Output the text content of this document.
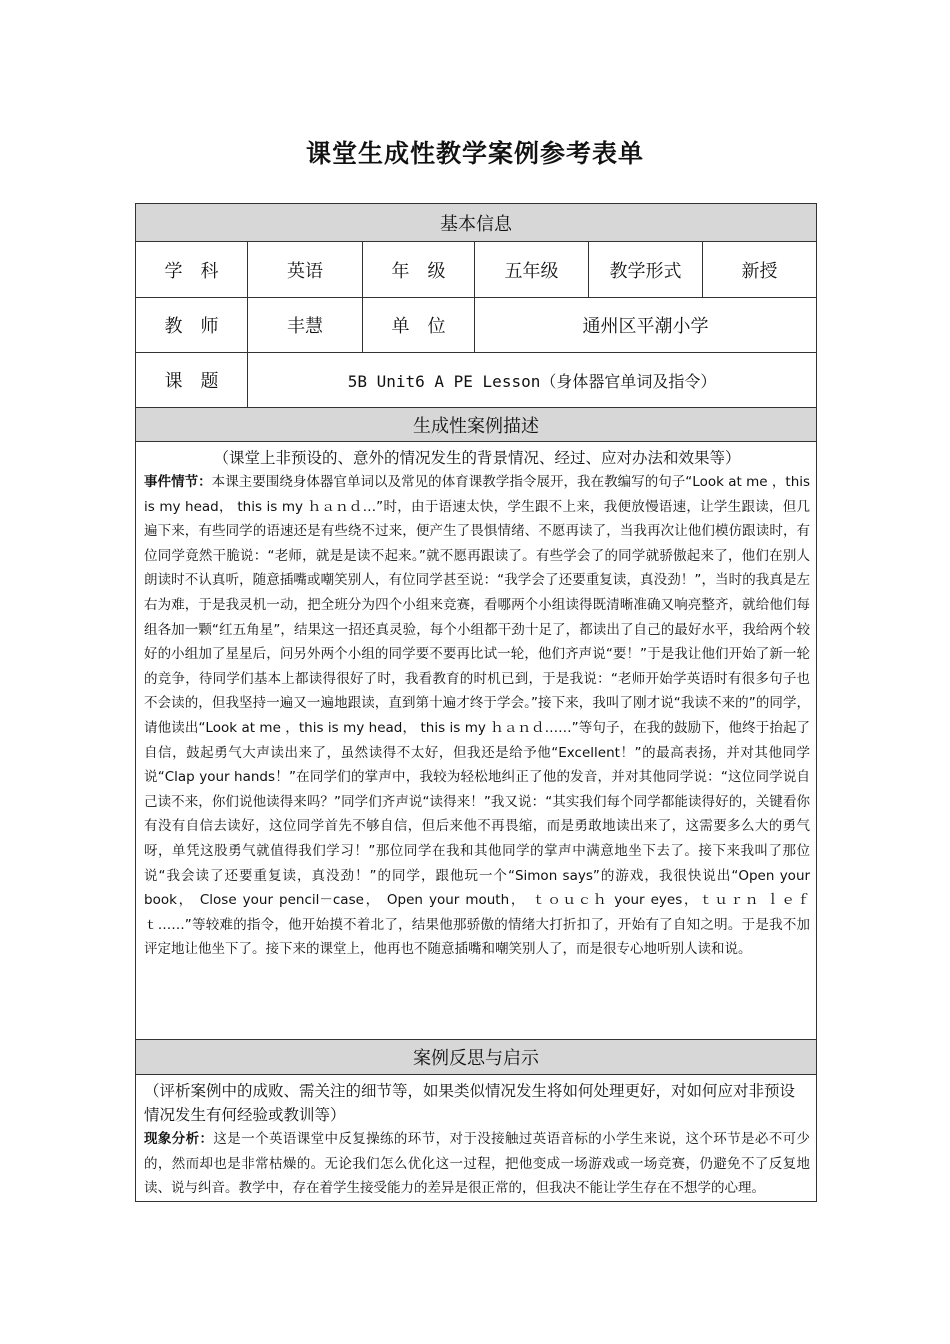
课堂生成性教学案例参考表单
基本信息					
学　科	英语	年　级	五年级	教学形式	新授
教　师	丰慧	单　位	通州区平潮小学		
课　题	5B Unit6 A PE Lesson（身体器官单词及指令）				
生成性案例描述					

（课堂上非预设的、意外的情况发生的背景情况、经过、应对办法和效果等）

事件情节：本课主要围绕身体器官单词以及常见的体育课教学指令展开，我在教编写的句子“Look at me ，this is my head， this is my ｈａｎｄ…”时，由于语速太快，学生跟不上来，我便放慢语速，让学生跟读，但几遍下来，有些同学的语速还是有些绕不过来，便产生了畏惧情绪、不愿再读了，当我再次让他们模仿跟读时，有位同学竟然干脆说：“老师，就是是读不起来。”就不愿再跟读了。有些学会了的同学就骄傲起来了，他们在别人朗读时不认真听，随意插嘴或嘲笑别人，有位同学甚至说：“我学会了还要重复读，真没劲！”，当时的我真是左右为难，于是我灵机一动，把全班分为四个小组来竞赛，看哪两个小组读得既清晰准确又响亮整齐，就给他们每组各加一颗“红五角星”，结果这一招还真灵验，每个小组都干劲十足了，都读出了自己的最好水平，我给两个较好的小组加了星星后，问另外两个小组的同学要不要再比试一轮，他们齐声说“要！”于是我让他们开始了新一轮的竞争，待同学们基本上都读得很好了时，我看教育的时机已到，于是我说：“老师开始学英语时有很多句子也不会读的，但我坚持一遍又一遍地跟读，直到第十遍才终于学会。”接下来，我叫了刚才说“我读不来的”的同学，请他读出“Look at me ，this is my head， this is my ｈａｎｄ……”等句子，在我的鼓励下，他终于抬起了自信，鼓起勇气大声读出来了，虽然读得不太好，但我还是给予他“Excellent！”的最高表扬，并对其他同学说“Clap your hands！”在同学们的掌声中，我较为轻松地纠正了他的发音，并对其他同学说：“这位同学说自己读不来，你们说他读得来吗？”同学们齐声说“读得来！”我又说：“其实我们每个同学都能读得好的，关键看你有没有自信去读好，这位同学首先不够自信，但后来他不再畏缩，而是勇敢地读出来了，这需要多么大的勇气呀，单凭这股勇气就值得我们学习！”那位同学在我和其他同学的掌声中满意地坐下去了。接下来我叫了那位说“我会读了还要重复读，真没劲！”的同学，跟他玩一个“Simon says”的游戏，我很快说出“Open your book， Close your pencil－case， Open your mouth， ｔｏｕｃｈ your eyes，ｔｕｒｎ ｌｅｆｔ……”等较难的指令，他开始摸不着北了，结果他那骄傲的情绪大打折扣了，开始有了自知之明。于是我不加评定地让他坐下了。接下来的课堂上，他再也不随意插嘴和嘲笑别人了，而是很专心地听别人读和说。					

案例反思与启示					

（评析案例中的成败、需关注的细节等，如果类似情况发生将如何处理更好，对如何应对非预设情况发生有何经验或教训等）

现象分析：这是一个英语课堂中反复操练的环节，对于没接触过英语音标的小学生来说，这个环节是必不可少的，然而却也是非常枯燥的。无论我们怎么优化这一过程，把他变成一场游戏或一场竞赛，仍避免不了反复地读、说与纠音。教学中，存在着学生接受能力的差异是很正常的，但我决不能让学生存在不想学的心理。					
